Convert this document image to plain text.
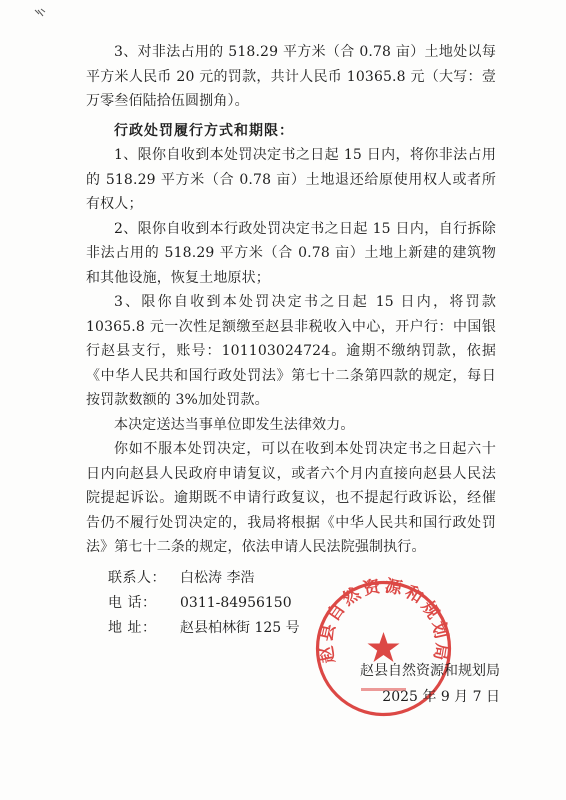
3、对非法占用的 518.29 平方米（合 0.78 亩）土地处以每平方米人民币 20 元的罚款，共计人民币 10365.8 元（大写：壹万零叁佰陆拾伍圆捌角）。

行政处罚履行方式和期限：

1、限你自收到本处罚决定书之日起 15 日内，将你非法占用的 518.29 平方米（合 0.78 亩）土地退还给原使用权人或者所有权人；

2、限你自收到本行政处罚决定书之日起 15 日内，自行拆除非法占用的 518.29 平方米（合 0.78 亩）土地上新建的建筑物和其他设施，恢复土地原状；

3、限你自收到本处罚决定书之日起 15 日内，将罚款 10365.8 元一次性足额缴至赵县非税收入中心，开户行：中国银行赵县支行，账号：101103024724。逾期不缴纳罚款，依据《中华人民共和国行政处罚法》第七十二条第四款的规定，每日按罚款数额的 3%加处罚款。

本决定送达当事单位即发生法律效力。

你如不服本处罚决定，可以在收到本处罚决定书之日起六十日内向赵县人民政府申请复议，或者六个月内直接向赵县人民法院提起诉讼。逾期既不申请行政复议，也不提起行政诉讼，经催告仍不履行处罚决定的，我局将根据《中华人民共和国行政处罚法》第七十二条的规定，依法申请人民法院强制执行。

联系人：	白松涛 李浩
电 话：	0311-84956150
地 址：	赵县柏林街 125 号
赵县自然资源和规划局
赵县自然资源和规划局
2025 年 9 月 7 日
